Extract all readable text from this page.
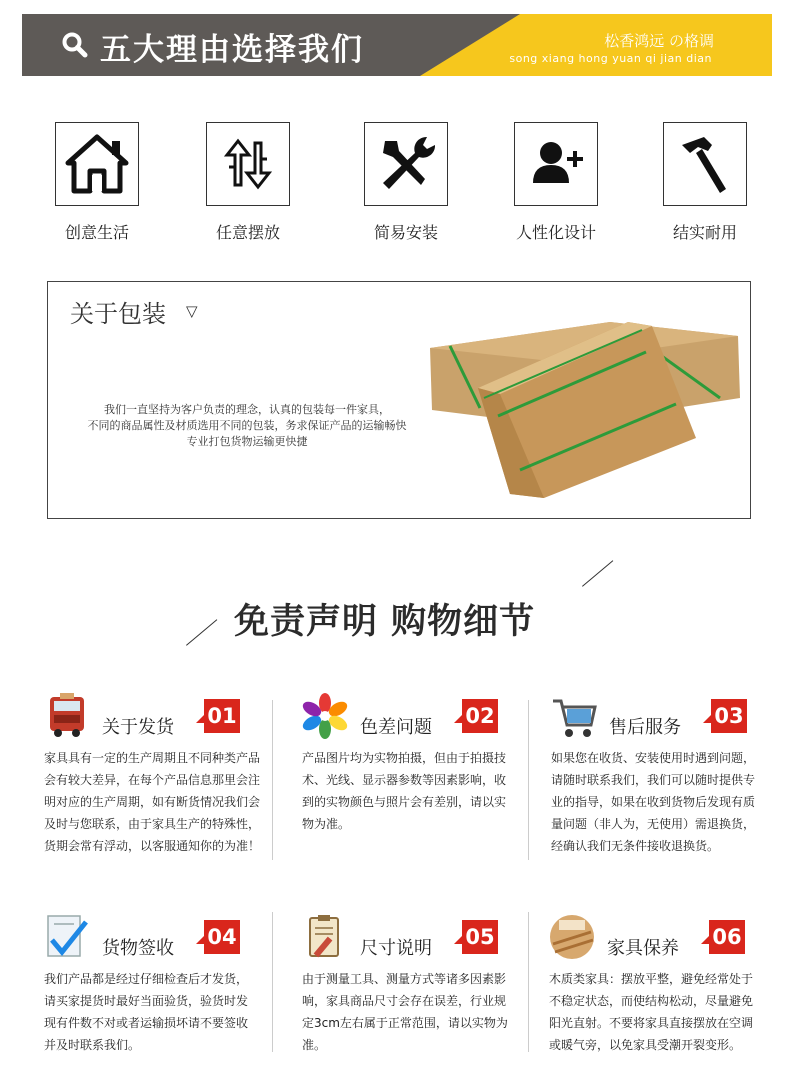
五大理由选择我们	松香鸿远 の格调
song xiang hong yuan qi jian dian
创意生活	任意摆放	简易安装	人性化设计	结实耐用
关于包装 ▽
我们一直坚持为客户负责的理念，认真的包装每一件家具，
不同的商品属性及材质选用不同的包装，务求保证产品的运输畅快
专业打包货物运输更快捷
免责声明 购物细节
关于发货 01
家具具有一定的生产周期且不同种类产品会有较大差异，在每个产品信息那里会注明对应的生产周期，如有断货情况我们会及时与您联系，由于家具生产的特殊性，货期会常有浮动，以客服通知你的为准！
色差问题 02
产品图片均为实物拍摄，但由于拍摄技术、光线、显示器参数等因素影响，收到的实物颜色与照片会有差别，请以实物为准。
售后服务 03
如果您在收货、安装使用时遇到问题，请随时联系我们，我们可以随时提供专业的指导，如果在收到货物后发现有质量问题（非人为，无使用）需退换货，经确认我们无条件接收退换货。
货物签收 04
我们产品都是经过仔细检查后才发货，请买家提货时最好当面验货，验货时发现有件数不对或者运输损坏请不要签收并及时联系我们。
尺寸说明 05
由于测量工具、测量方式等诸多因素影响，家具商品尺寸会存在误差，行业规定3cm左右属于正常范围，请以实物为准。
家具保养 06
木质类家具：摆放平整，避免经常处于不稳定状态，而使结构松动，尽量避免阳光直射。不要将家具直接摆放在空调或暖气旁，以免家具受潮开裂变形。
